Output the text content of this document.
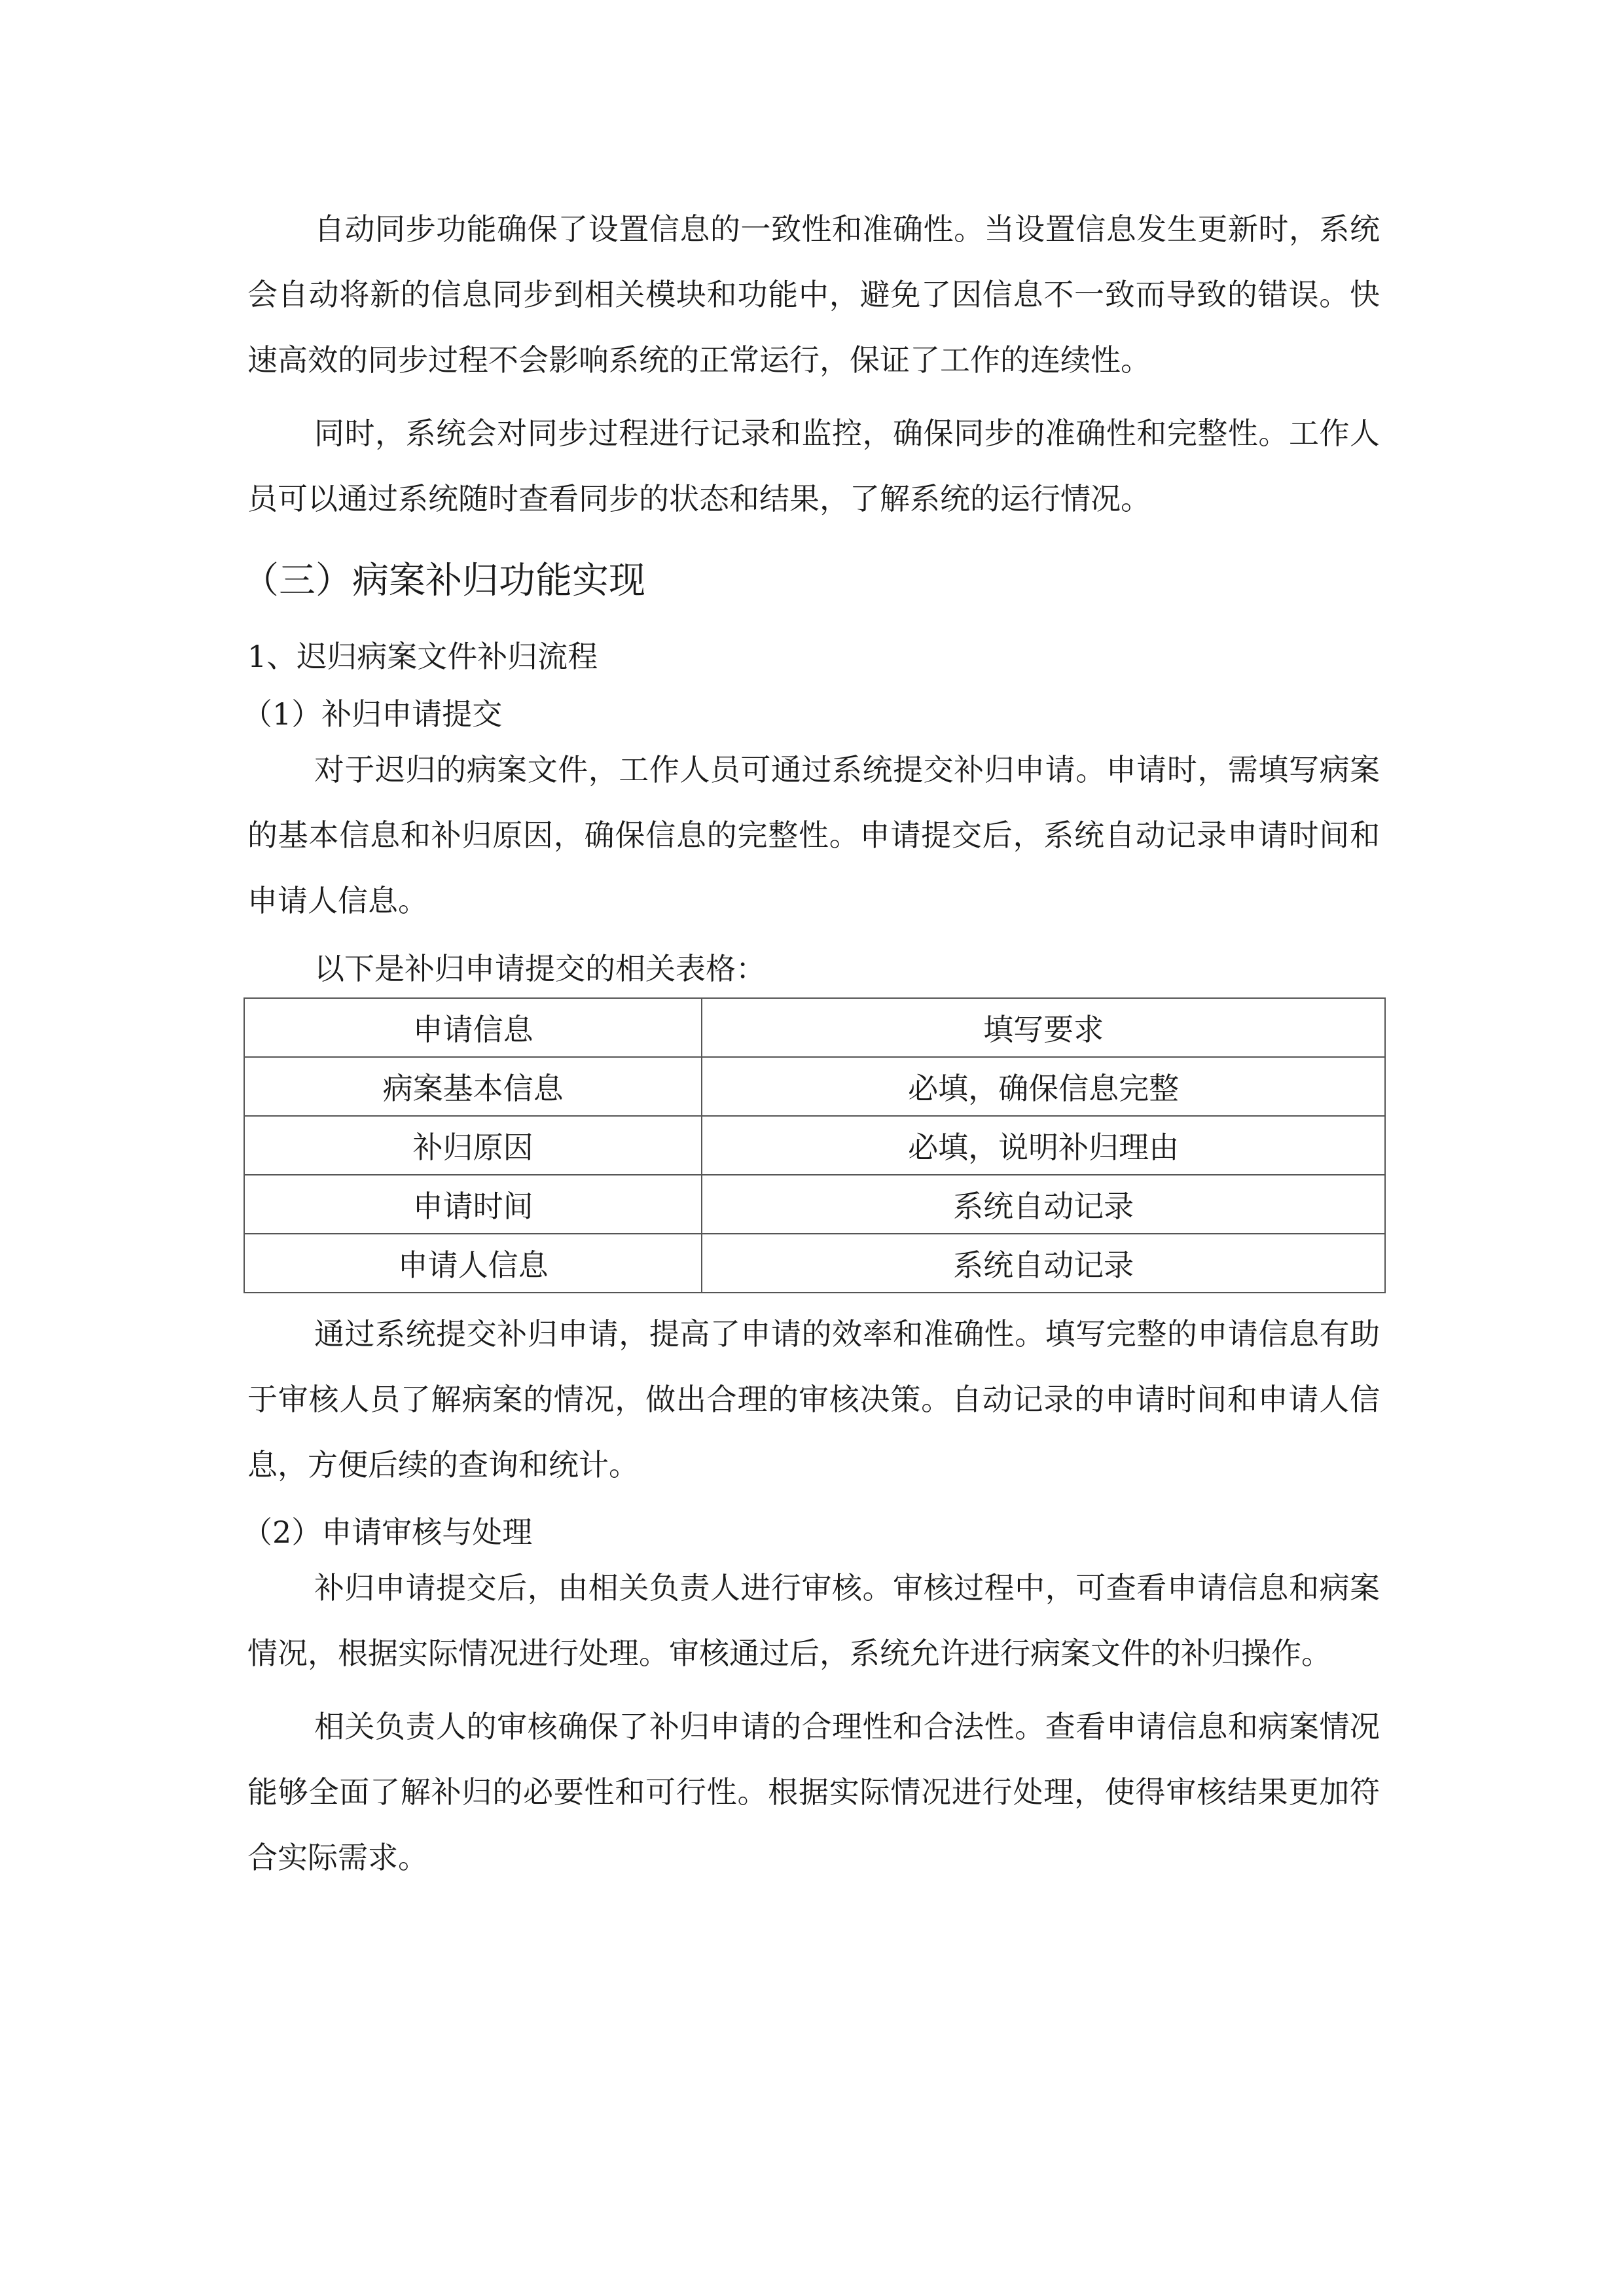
自动同步功能确保了设置信息的一致性和准确性。当设置信息发生更新时，系统会自动将新的信息同步到相关模块和功能中，避免了因信息不一致而导致的错误。快速高效的同步过程不会影响系统的正常运行，保证了工作的连续性。

同时，系统会对同步过程进行记录和监控，确保同步的准确性和完整性。工作人员可以通过系统随时查看同步的状态和结果，了解系统的运行情况。

（三）病案补归功能实现
1、迟归病案文件补归流程
（1）补归申请提交

对于迟归的病案文件，工作人员可通过系统提交补归申请。申请时，需填写病案的基本信息和补归原因，确保信息的完整性。申请提交后，系统自动记录申请时间和申请人信息。

以下是补归申请提交的相关表格：

申请信息	填写要求
病案基本信息	必填，确保信息完整
补归原因	必填，说明补归理由
申请时间	系统自动记录
申请人信息	系统自动记录

通过系统提交补归申请，提高了申请的效率和准确性。填写完整的申请信息有助于审核人员了解病案的情况，做出合理的审核决策。自动记录的申请时间和申请人信息，方便后续的查询和统计。

（2）申请审核与处理

补归申请提交后，由相关负责人进行审核。审核过程中，可查看申请信息和病案情况，根据实际情况进行处理。审核通过后，系统允许进行病案文件的补归操作。

相关负责人的审核确保了补归申请的合理性和合法性。查看申请信息和病案情况能够全面了解补归的必要性和可行性。根据实际情况进行处理，使得审核结果更加符合实际需求。
